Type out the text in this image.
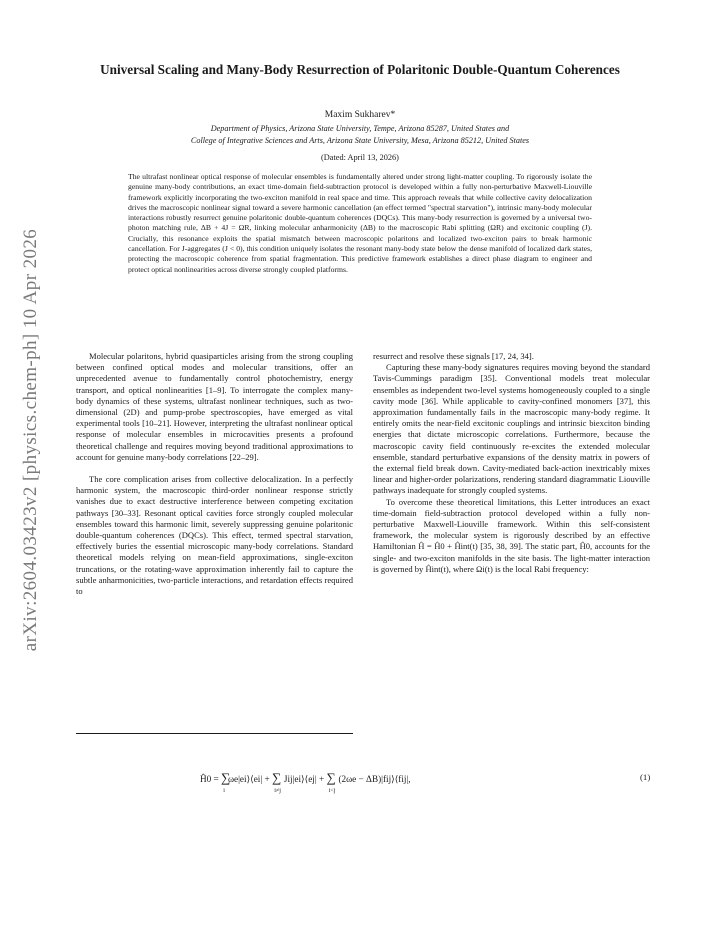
arXiv:2604.03423v2 [physics.chem-ph] 10 Apr 2026
Universal Scaling and Many-Body Resurrection of Polaritonic Double-Quantum Coherences
Maxim Sukharev*
Department of Physics, Arizona State University, Tempe, Arizona 85287, United States and
College of Integrative Sciences and Arts, Arizona State University, Mesa, Arizona 85212, United States
(Dated: April 13, 2026)
The ultrafast nonlinear optical response of molecular ensembles is fundamentally altered under strong light-matter coupling. To rigorously isolate the genuine many-body contributions, an exact time-domain field-subtraction protocol is developed within a fully non-perturbative Maxwell-Liouville framework explicitly incorporating the two-exciton manifold in real space and time. This approach reveals that while collective cavity delocalization drives the macroscopic nonlinear signal toward a severe harmonic cancellation (an effect termed "spectral starvation"), intrinsic many-body molecular interactions robustly resurrect genuine polaritonic double-quantum coherences (DQCs). This many-body resurrection is governed by a universal two-photon matching rule, ΔB + 4J = ΩR, linking molecular anharmonicity (ΔB) to the macroscopic Rabi splitting (ΩR) and excitonic coupling (J). Crucially, this resonance exploits the spatial mismatch between macroscopic polaritons and localized two-exciton pairs to break harmonic cancellation. For J-aggregates (J < 0), this condition uniquely isolates the resonant many-body state below the dense manifold of localized dark states, protecting the macroscopic coherence from spatial fragmentation. This predictive framework establishes a direct phase diagram to engineer and protect optical nonlinearities across diverse strongly coupled platforms.

Molecular polaritons, hybrid quasiparticles arising from the strong coupling between confined optical modes and molecular transitions, offer an unprecedented avenue to fundamentally control photochemistry, energy transport, and optical nonlinearities [1–9]. To interrogate the complex many-body dynamics of these systems, ultrafast nonlinear techniques, such as two-dimensional (2D) and pump-probe spectroscopies, have emerged as vital experimental tools [10–21]. However, interpreting the ultrafast nonlinear optical response of molecular ensembles in microcavities presents a profound theoretical challenge and requires moving beyond traditional approximations to account for genuine many-body correlations [22–29].

The core complication arises from collective delocalization. In a perfectly harmonic system, the macroscopic third-order nonlinear response strictly vanishes due to exact destructive interference between competing excitation pathways [30–33]. Resonant optical cavities force strongly coupled molecular ensembles toward this harmonic limit, severely suppressing genuine polaritonic double-quantum coherences (DQCs). This effect, termed spectral starvation, effectively buries the essential microscopic many-body correlations. Standard theoretical models relying on mean-field approximations, single-exciton truncations, or the rotating-wave approximation inherently fail to capture the subtle anharmonicities, two-particle interactions, and retardation effects required to

resurrect and resolve these signals [17, 24, 34].

Capturing these many-body signatures requires moving beyond the standard Tavis-Cummings paradigm [35]. Conventional models treat molecular ensembles as independent two-level systems homogeneously coupled to a single cavity mode [36]. While applicable to cavity-confined monomers [37], this approximation fundamentally fails in the macroscopic many-body regime. It entirely omits the near-field excitonic couplings and intrinsic biexciton binding energies that dictate microscopic correlations. Furthermore, because the macroscopic cavity field continuously re-excites the extended molecular ensemble, standard perturbative expansions of the density matrix in powers of the external field break down. Cavity-mediated back-action inextricably mixes linear and higher-order polarizations, rendering standard diagrammatic Liouville pathways inadequate for strongly coupled systems.

To overcome these theoretical limitations, this Letter introduces an exact time-domain field-subtraction protocol developed within a fully non-perturbative Maxwell-Liouville framework. Within this self-consistent framework, the molecular system is rigorously described by an effective Hamiltonian Ĥ = Ĥ0 + Ĥint(t) [35, 38, 39]. The static part, Ĥ0, accounts for the single- and two-exciton manifolds in the site basis. The light-matter interaction is governed by Ĥint(t), where Ωi(t) is the local Rabi frequency:

Ĥ0 = $\sum_i\omega e|ei⟩⟨ei|$ + $\sum_{i\ne j}Jij|ei⟩⟨ej| + \sum_{i<j}(2\omega e$ − ΔB)|fij⟩⟨fij|,	(1)
